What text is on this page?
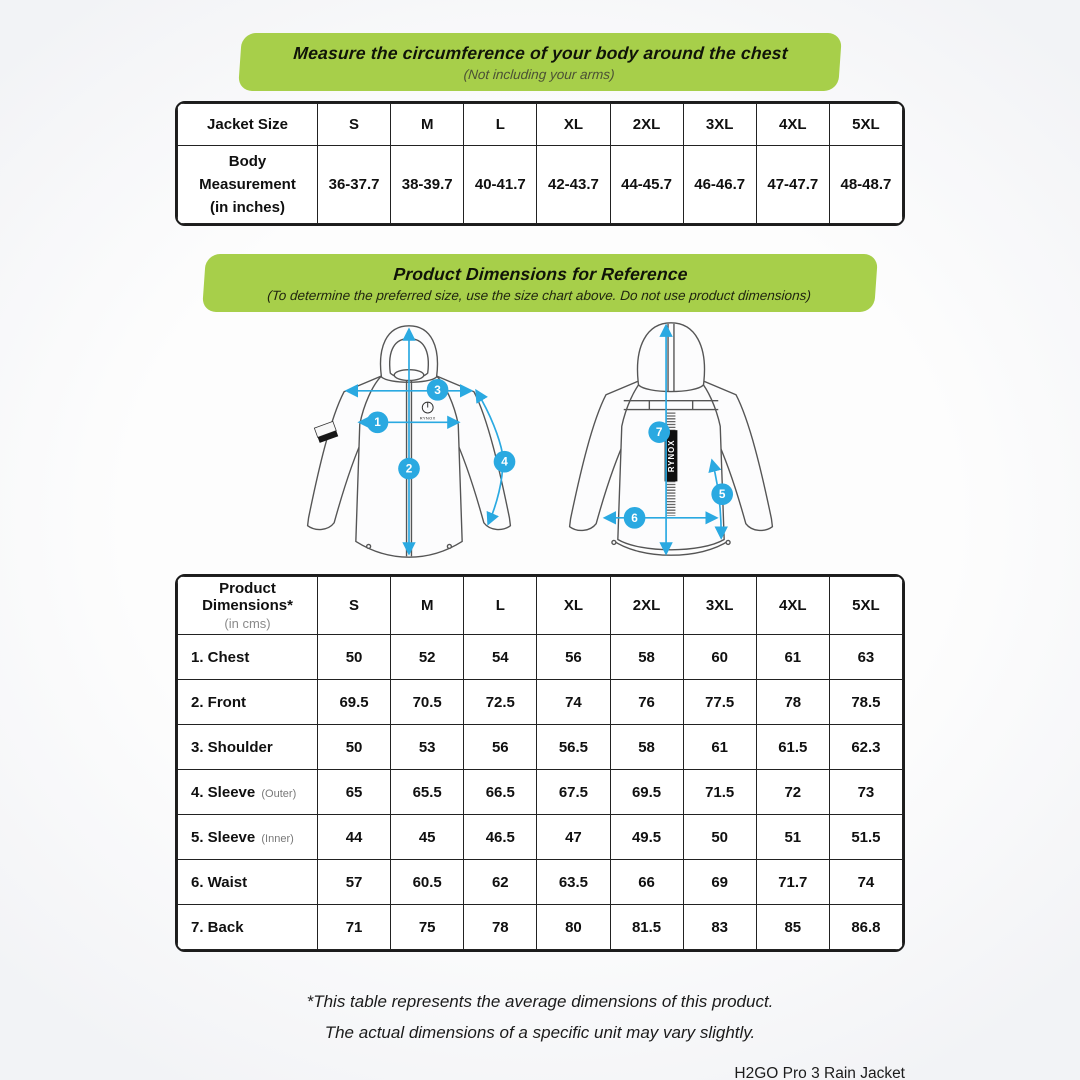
Measure the circumference of your body around the chest
(Not including your arms)
Jacket Size	S	M	L	XL	2XL	3XL	4XL	5XL

Body
Measurement
(in inches)	36-37.7	38-39.7	40-41.7	42-43.7	44-45.7	46-46.7	47-47.7	48-48.7
Product Dimensions for Reference
(To determine the preferred size, use the size chart above. Do not use product dimensions)
RYNOX
1
2
3
4	RYNOX
7
6
5
Product Dimensions*
(in cms)	S	M	L	XL	2XL	3XL	4XL	5XL
1. Chest	50	52	54	56	58	60	61	63
2. Front	69.5	70.5	72.5	74	76	77.5	78	78.5
3. Shoulder	50	53	56	56.5	58	61	61.5	62.3
4. Sleeve (Outer)	65	65.5	66.5	67.5	69.5	71.5	72	73
5. Sleeve (Inner)	44	45	46.5	47	49.5	50	51	51.5
6. Waist	57	60.5	62	63.5	66	69	71.7	74
7. Back	71	75	78	80	81.5	83	85	86.8
*This table represents the average dimensions of this product.
The actual dimensions of a specific unit may vary slightly.
H2GO Pro 3 Rain Jacket
